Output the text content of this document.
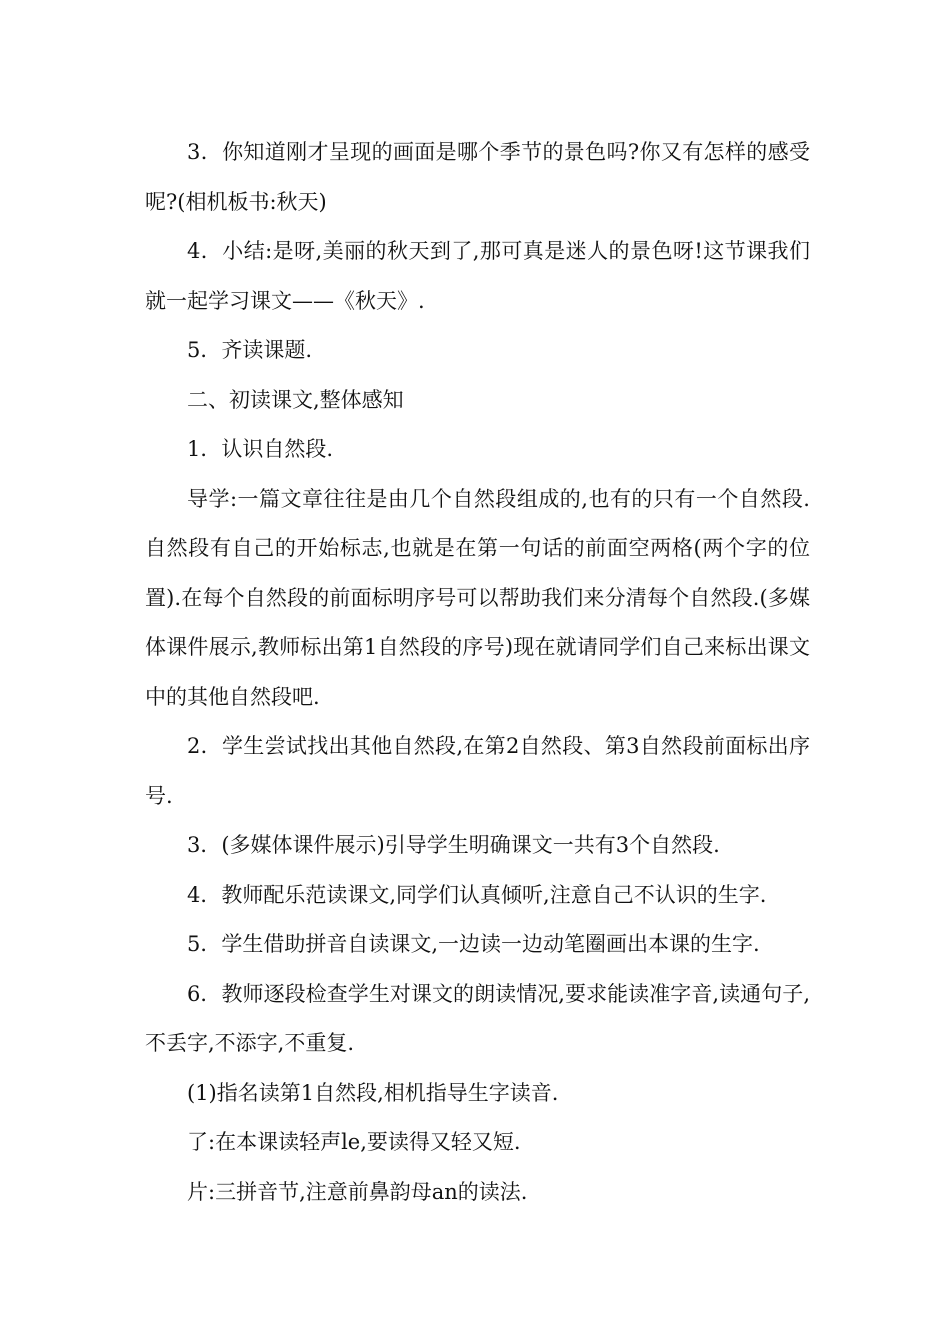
3．你知道刚才呈现的画面是哪个季节的景色吗?你又有怎样的感受呢?(相机板书:秋天)

4．小结:是呀,美丽的秋天到了,那可真是迷人的景色呀!这节课我们就一起学习课文——《秋天》.

5．齐读课题.

二、初读课文,整体感知

1．认识自然段.

导学:一篇文章往往是由几个自然段组成的,也有的只有一个自然段.自然段有自己的开始标志,也就是在第一句话的前面空两格(两个字的位置).在每个自然段的前面标明序号可以帮助我们来分清每个自然段.(多媒体课件展示,教师标出第1自然段的序号)现在就请同学们自己来标出课文中的其他自然段吧.

2．学生尝试找出其他自然段,在第2自然段、第3自然段前面标出序号.

3．(多媒体课件展示)引导学生明确课文一共有3个自然段.

4．教师配乐范读课文,同学们认真倾听,注意自己不认识的生字.

5．学生借助拼音自读课文,一边读一边动笔圈画出本课的生字.

6．教师逐段检查学生对课文的朗读情况,要求能读准字音,读通句子,不丢字,不添字,不重复.

(1)指名读第1自然段,相机指导生字读音.

了:在本课读轻声le,要读得又轻又短.

片:三拼音节,注意前鼻韵母an的读法.
